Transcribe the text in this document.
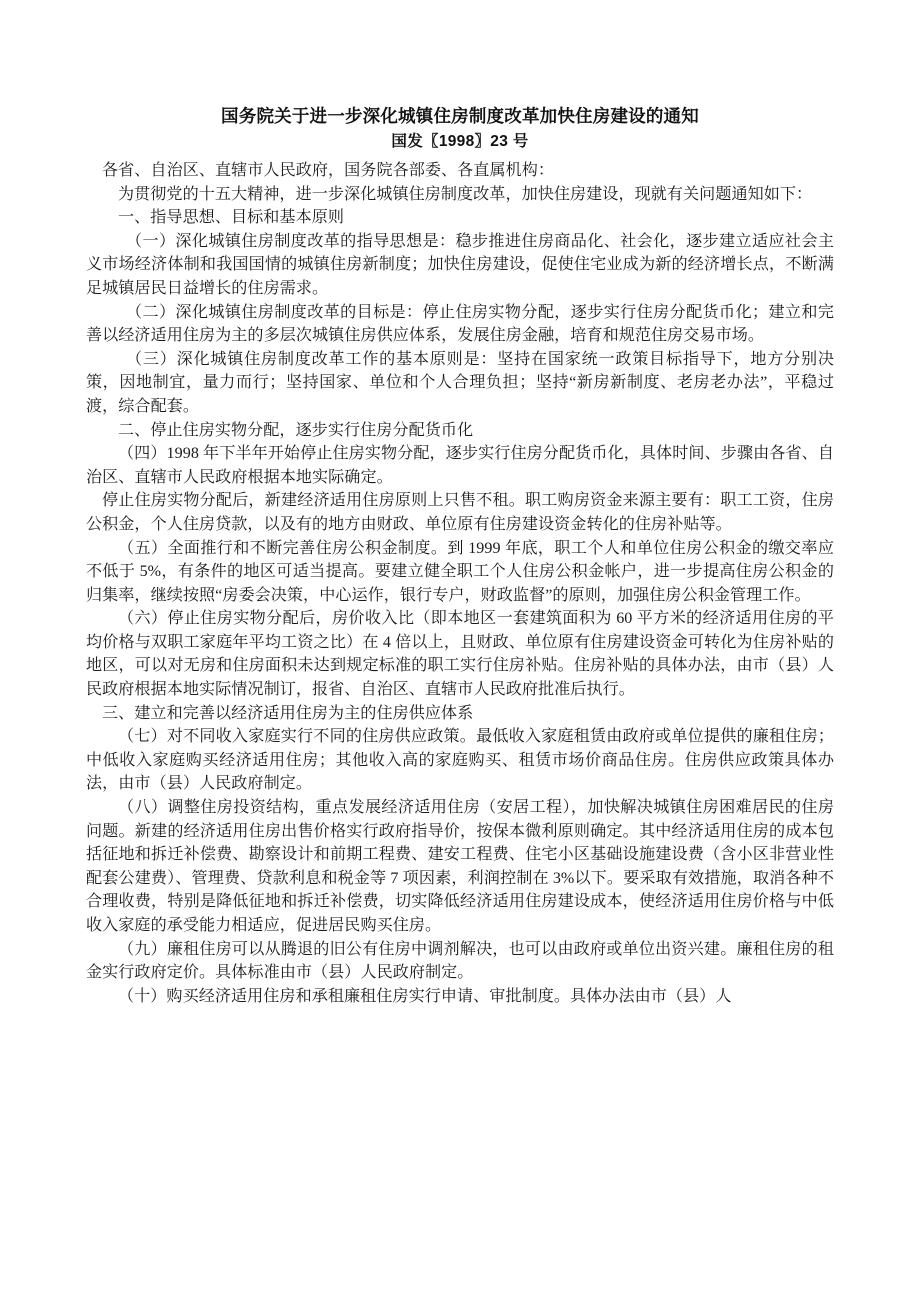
国务院关于进一步深化城镇住房制度改革加快住房建设的通知
国发〖1998〗23 号

各省、自治区、直辖市人民政府，国务院各部委、各直属机构：

为贯彻党的十五大精神，进一步深化城镇住房制度改革，加快住房建设，现就有关问题通知如下：

一、指导思想、目标和基本原则

（一）深化城镇住房制度改革的指导思想是：稳步推进住房商品化、社会化，逐步建立适应社会主义市场经济体制和我国国情的城镇住房新制度；加快住房建设，促使住宅业成为新的经济增长点，不断满足城镇居民日益增长的住房需求。

（二）深化城镇住房制度改革的目标是：停止住房实物分配，逐步实行住房分配货币化；建立和完善以经济适用住房为主的多层次城镇住房供应体系，发展住房金融，培育和规范住房交易市场。

（三）深化城镇住房制度改革工作的基本原则是：坚持在国家统一政策目标指导下，地方分别决策，因地制宜，量力而行；坚持国家、单位和个人合理负担；坚持“新房新制度、老房老办法”，平稳过渡，综合配套。

二、停止住房实物分配，逐步实行住房分配货币化

（四）1998 年下半年开始停止住房实物分配，逐步实行住房分配货币化，具体时间、步骤由各省、自治区、直辖市人民政府根据本地实际确定。

停止住房实物分配后，新建经济适用住房原则上只售不租。职工购房资金来源主要有：职工工资，住房公积金，个人住房贷款，以及有的地方由财政、单位原有住房建设资金转化的住房补贴等。

（五）全面推行和不断完善住房公积金制度。到 1999 年底，职工个人和单位住房公积金的缴交率应不低于 5%，有条件的地区可适当提高。要建立健全职工个人住房公积金帐户，进一步提高住房公积金的归集率，继续按照“房委会决策，中心运作，银行专户，财政监督”的原则，加强住房公积金管理工作。

（六）停止住房实物分配后，房价收入比（即本地区一套建筑面积为 60 平方米的经济适用住房的平均价格与双职工家庭年平均工资之比）在 4 倍以上，且财政、单位原有住房建设资金可转化为住房补贴的地区，可以对无房和住房面积未达到规定标准的职工实行住房补贴。住房补贴的具体办法，由市（县）人民政府根据本地实际情况制订，报省、自治区、直辖市人民政府批准后执行。

三、建立和完善以经济适用住房为主的住房供应体系

（七）对不同收入家庭实行不同的住房供应政策。最低收入家庭租赁由政府或单位提供的廉租住房；中低收入家庭购买经济适用住房；其他收入高的家庭购买、租赁市场价商品住房。住房供应政策具体办法，由市（县）人民政府制定。

（八）调整住房投资结构，重点发展经济适用住房（安居工程），加快解决城镇住房困难居民的住房问题。新建的经济适用住房出售价格实行政府指导价，按保本微利原则确定。其中经济适用住房的成本包括征地和拆迁补偿费、勘察设计和前期工程费、建安工程费、住宅小区基础设施建设费（含小区非营业性配套公建费）、管理费、贷款利息和税金等 7 项因素，利润控制在 3%以下。要采取有效措施，取消各种不合理收费，特别是降低征地和拆迁补偿费，切实降低经济适用住房建设成本，使经济适用住房价格与中低收入家庭的承受能力相适应，促进居民购买住房。

（九）廉租住房可以从腾退的旧公有住房中调剂解决，也可以由政府或单位出资兴建。廉租住房的租金实行政府定价。具体标准由市（县）人民政府制定。

（十）购买经济适用住房和承租廉租住房实行申请、审批制度。具体办法由市（县）人
